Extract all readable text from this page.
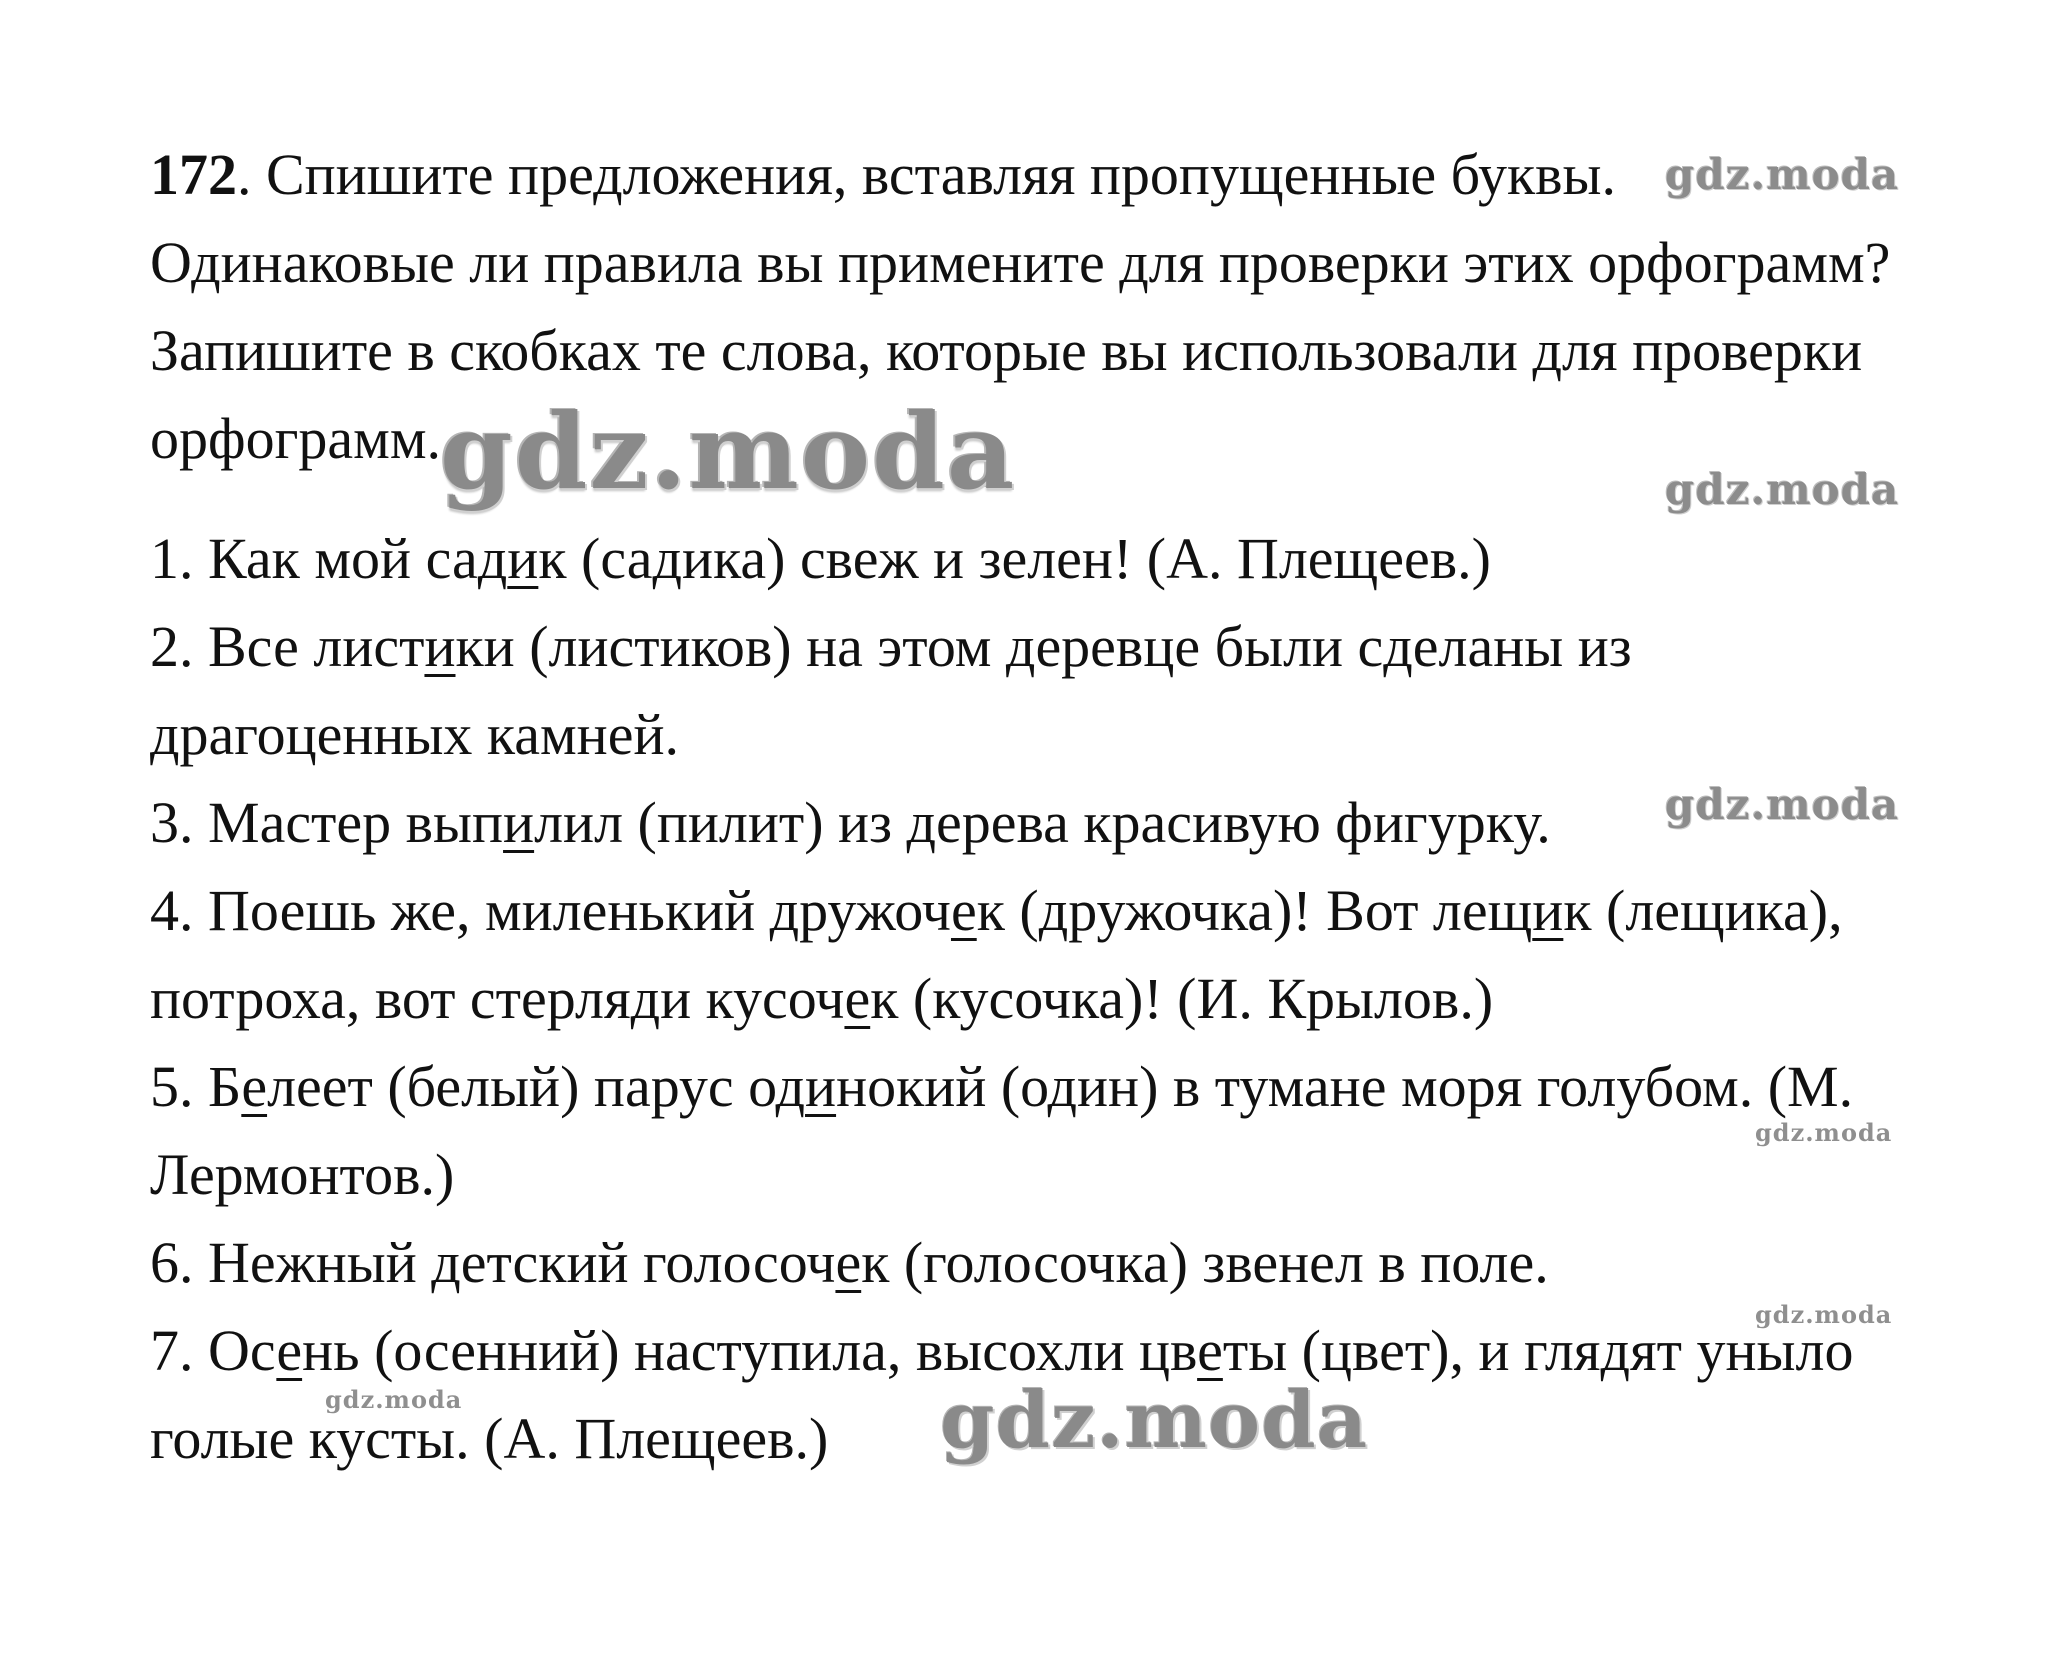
172. Спишите предложения, вставляя пропущенные буквы.
Одинаковые ли правила вы примените для проверки этих орфограмм?
Запишите в скобках те слова, которые вы использовали для проверки
орфограмм.
1. Как мой садик (садика) свеж и зелен! (А. Плещеев.)
2. Все листики (листиков) на этом деревце были сделаны из
драгоценных камней.
3. Мастер выпилил (пилит) из дерева красивую фигурку.
4. Поешь же, миленький дружочек (дружочка)! Вот лещик (лещика),
потроха, вот стерляди кусочек (кусочка)! (И. Крылов.)
5. Белеет (белый) парус одинокий (один) в тумане моря голубом. (М.
Лермонтов.)
6. Нежный детский голосочек (голосочка) звенел в поле.
7. Осень (осенний) наступила, высохли цветы (цвет), и глядят уныло
голые кусты. (А. Плещеев.)
gdz.moda
gdz.moda	gdz.moda
gdz.moda
gdz.moda
gdz.moda
gdz.moda	gdz.moda
